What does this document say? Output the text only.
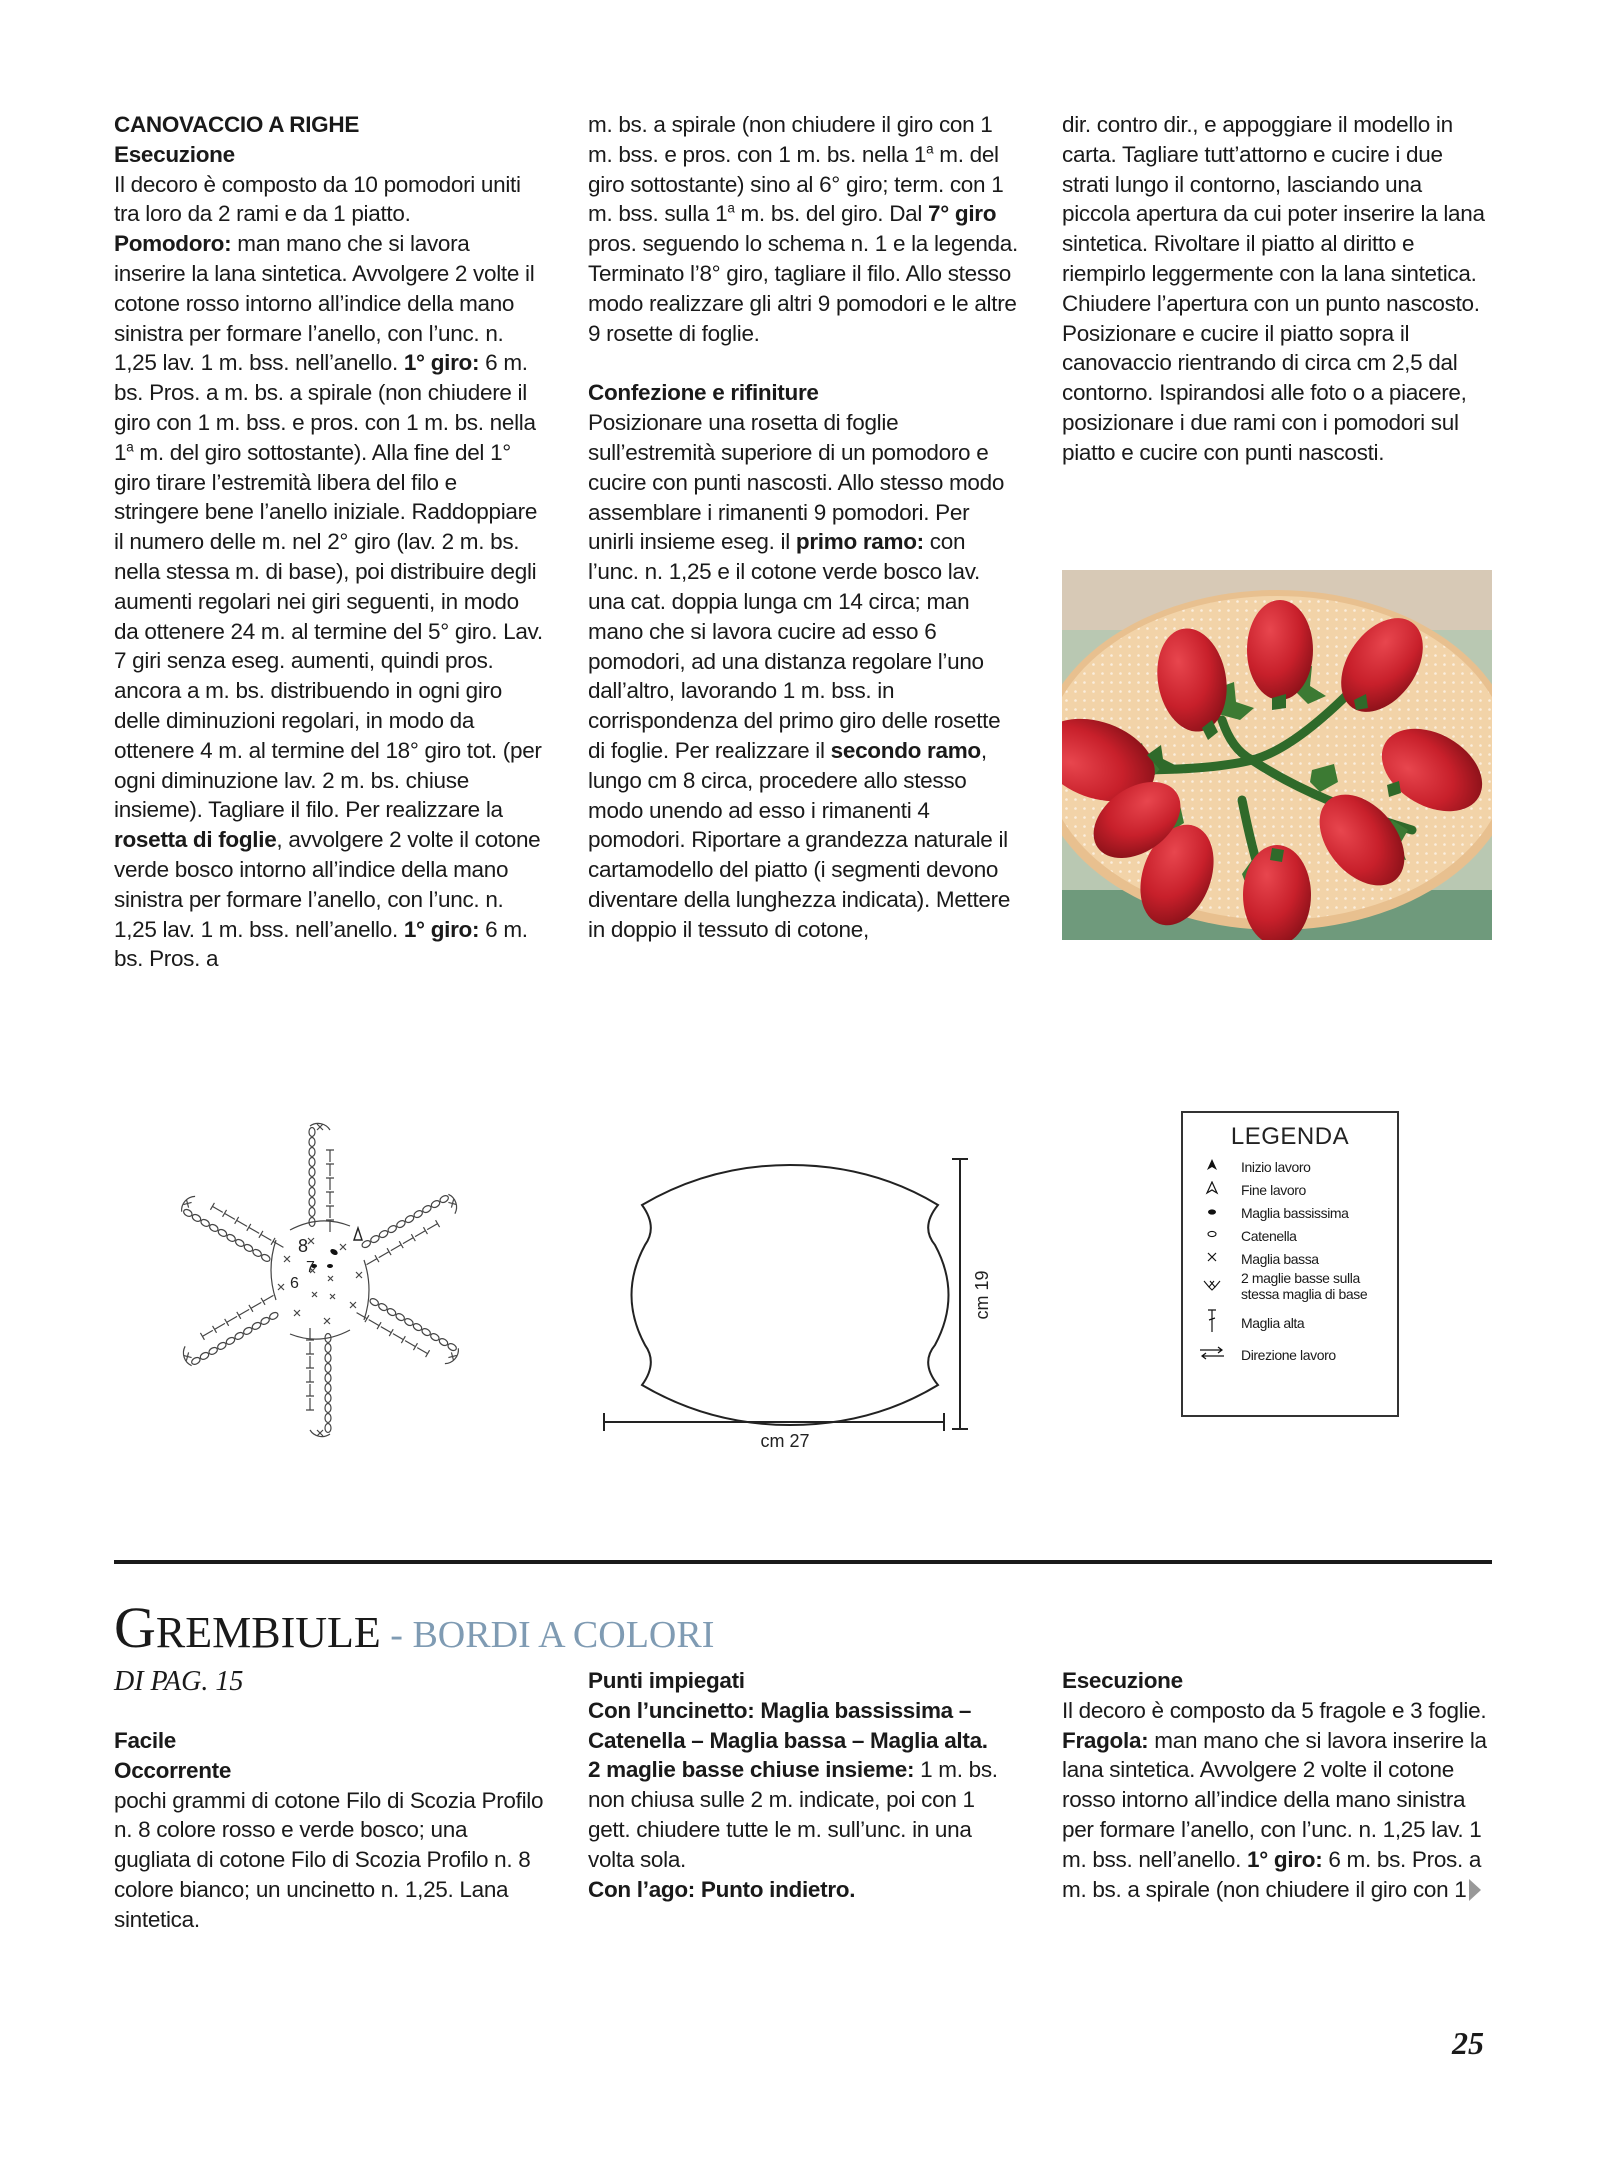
CANOVACCIO A RIGHE

Esecuzione

Il decoro è composto da 10 pomodori uniti tra loro da 2 rami e da 1 piatto.

Pomodoro: man mano che si lavora inserire la lana sintetica. Avvolgere 2 volte il cotone rosso intorno all’indice della mano sinistra per formare l’anello, con l’unc. n. 1,25 lav. 1 m. bss. nell’anello. 1° giro: 6 m. bs. Pros. a m. bs. a spirale (non chiudere il giro con 1 m. bss. e pros. con 1 m. bs. nella 1$^a$ m. del giro sottostante). Alla fine del 1° giro tirare l’estremità libera del filo e stringere bene l’anello iniziale. Raddoppiare il numero delle m. nel 2° giro (lav. 2 m. bs. nella stessa m. di base), poi distribuire degli aumenti regolari nei giri seguenti, in modo da ottenere 24 m. al termine del 5° giro. Lav. 7 giri senza eseg. aumenti, quindi pros. ancora a m. bs. distribuendo in ogni giro delle diminuzioni regolari, in modo da ottenere 4 m. al termine del 18° giro tot. (per ogni diminuzione lav. 2 m. bs. chiuse insieme). Tagliare il filo. Per realizzare la rosetta di foglie, avvolgere 2 volte il cotone verde bosco intorno all’indice della mano sinistra per formare l’anello, con l’unc. n. 1,25 lav. 1 m. bss. nell’anello. 1° giro: 6 m. bs. Pros. a

m. bs. a spirale (non chiudere il giro con 1 m. bss. e pros. con 1 m. bs. nella 1$^a$ m. del giro sottostante) sino al 6° giro; term. con 1 m. bss. sulla 1$^a$ m. bs. del giro. Dal 7° giro pros. seguendo lo schema n. 1 e la legenda. Terminato l’8° giro, tagliare il filo. Allo stesso modo realizzare gli altri 9 pomodori e le altre 9 rosette di foglie.

Confezione e rifiniture

Posizionare una rosetta di foglie sull’estremità superiore di un pomodoro e cucire con punti nascosti. Allo stesso modo assemblare i rimanenti 9 pomodori. Per unirli insieme eseg. il primo ramo: con l’unc. n. 1,25 e il cotone verde bosco lav. una cat. doppia lunga cm 14 circa; man mano che si lavora cucire ad esso 6 pomodori, ad una distanza regolare l’uno dall’altro, lavorando 1 m. bss. in corrispondenza del primo giro delle rosette di foglie. Per realizzare il secondo ramo, lungo cm 8 circa, procedere allo stesso modo unendo ad esso i rimanenti 4 pomodori. Riportare a grandezza naturale il cartamodello del piatto (i segmenti devono diventare della lunghezza indicata). Mettere in doppio il tessuto di cotone,

dir. contro dir., e appoggiare il modello in carta. Tagliare tutt’attorno e cucire i due strati lungo il contorno, lasciando una piccola apertura da cui poter inserire la lana sintetica. Rivoltare il piatto al diritto e riempirlo leggermente con la lana sintetica. Chiudere l’apertura con un punto nascosto. Posizionare e cucire il piatto sopra il canovaccio rientrando di circa cm 2,5 dal contorno. Ispirandosi alle foto o a piacere, posizionare i due rami con i pomodori sul piatto e cucire con punti nascosti.

8
7
6
cm 27
cm 19
LEGENDA
Inizio lavoro
Fine lavoro
Maglia bassissima
Catenella
Maglia bassa
2 maglie basse sulla stessa maglia di base
Maglia alta
Direzione lavoro
GREMBIULE - BORDI A COLORI
DI PAG. 15

Facile

Occorrente

pochi grammi di cotone Filo di Scozia Profilo n. 8 colore rosso e verde bosco; una gugliata di cotone Filo di Scozia Profilo n. 8 colore bianco; un uncinetto n. 1,25. Lana sintetica.

Punti impiegati

Con l’uncinetto: Maglia bassissima – Catenella – Maglia bassa – Maglia alta.

2 maglie basse chiuse insieme: 1 m. bs. non chiusa sulle 2 m. indicate, poi con 1 gett. chiudere tutte le m. sull’unc. in una volta sola.

Con l’ago: Punto indietro.

Esecuzione

Il decoro è composto da 5 fragole e 3 foglie.

Fragola: man mano che si lavora inserire la lana sintetica. Avvolgere 2 volte il cotone rosso intorno all’indice della mano sinistra per formare l’anello, con l’unc. n. 1,25 lav. 1 m. bss. nell’anello. 1° giro: 6 m. bs. Pros. a m. bs. a spirale (non chiudere il giro con 1

25
